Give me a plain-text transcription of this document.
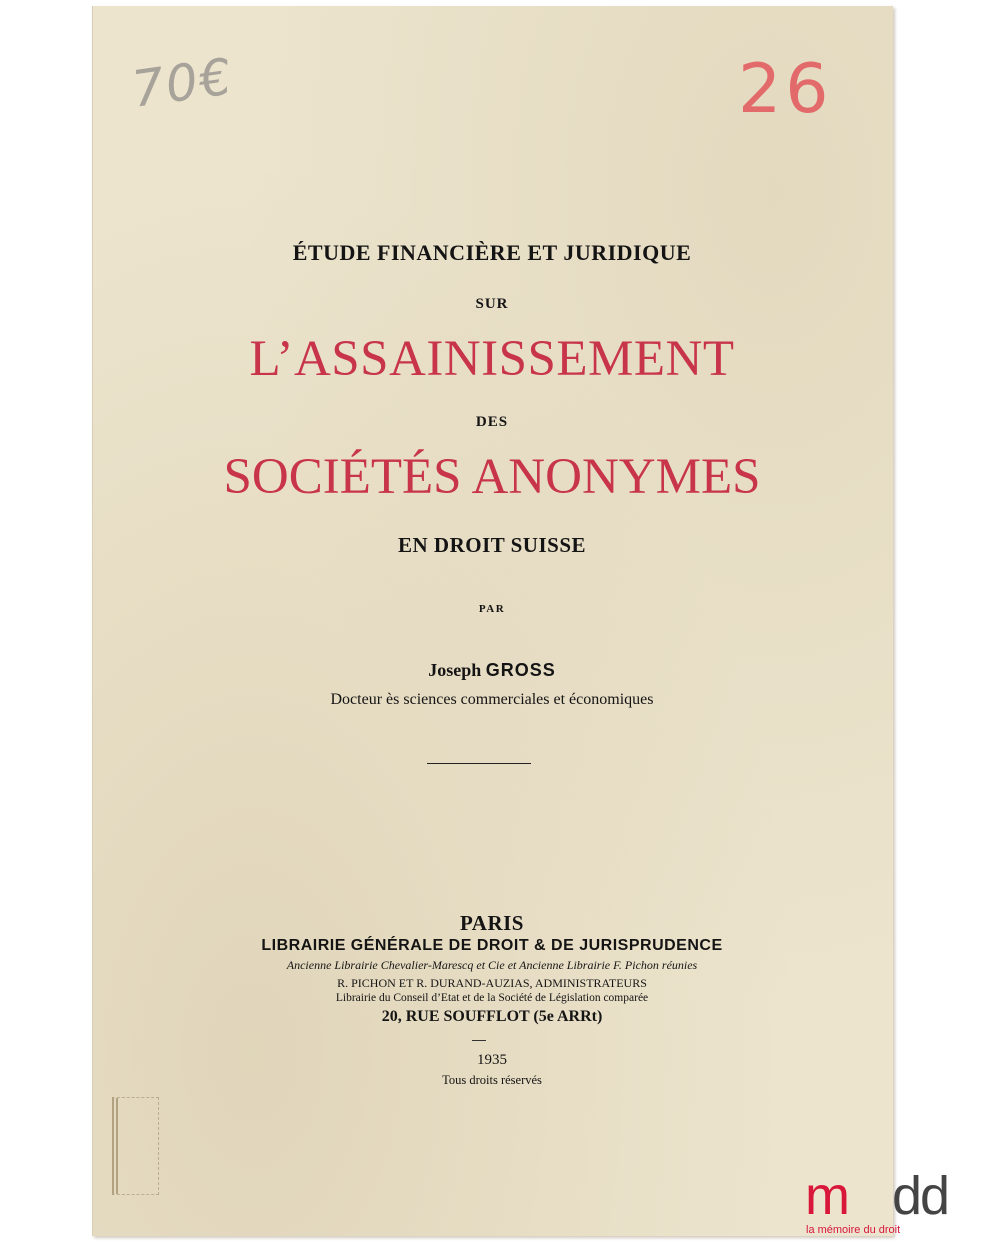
70€	26
ÉTUDE FINANCIÈRE ET JURIDIQUE
SUR
L’ASSAINISSEMENT
DES
SOCIÉTÉS ANONYMES
EN DROIT SUISSE
PAR
Joseph GROSS
Docteur ès sciences commerciales et économiques
PARIS
LIBRAIRIE GÉNÉRALE DE DROIT & DE JURISPRUDENCE
Ancienne Librairie Chevalier-Marescq et Cie et Ancienne Librairie F. Pichon réunies
R. PICHON ET R. DURAND-AUZIAS, ADMINISTRATEURS
Librairie du Conseil d’Etat et de la Société de Législation comparée
20, RUE SOUFFLOT (5e ARRt)
1935
Tous droits réservés
m dd
la mémoire du droit
